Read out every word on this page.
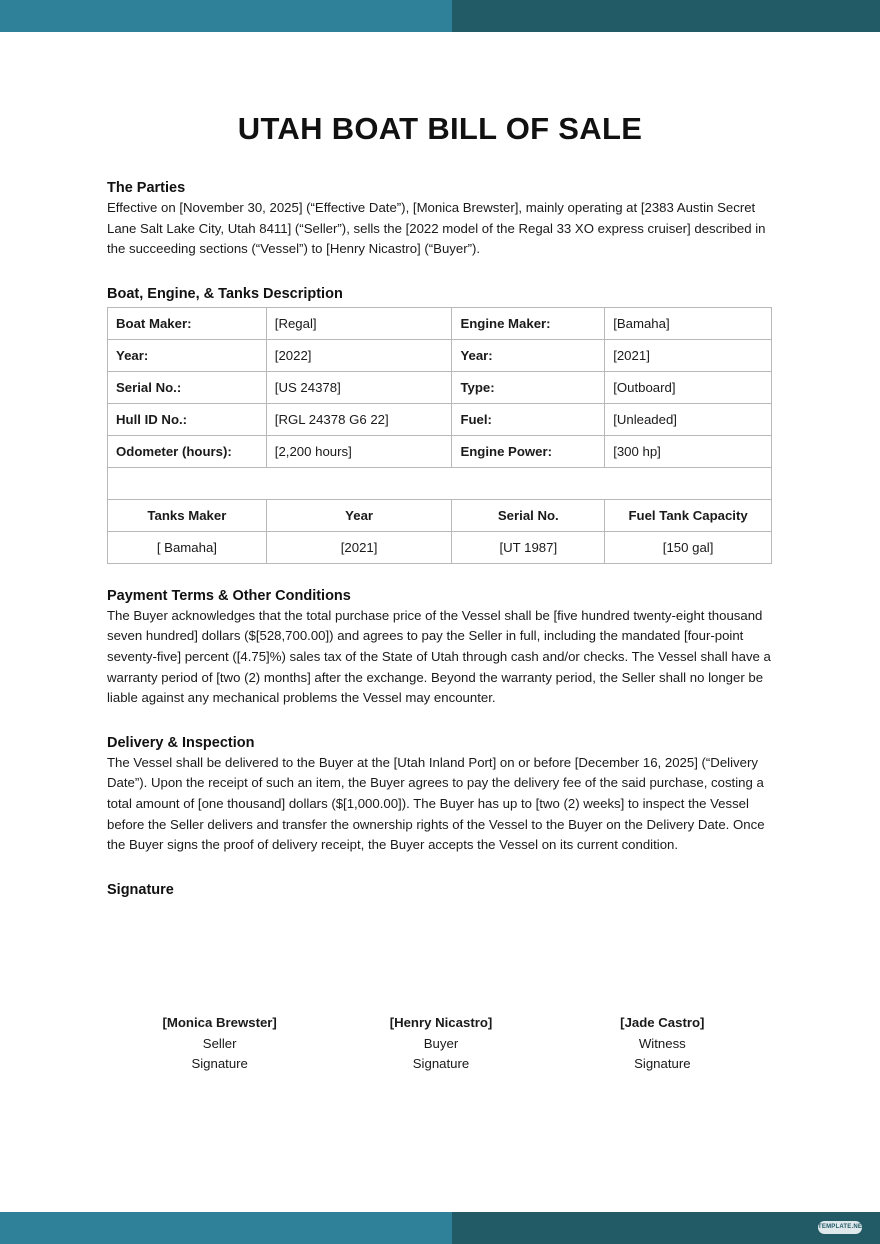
UTAH BOAT BILL OF SALE
The Parties

Effective on [November 30, 2025] (“Effective Date”), [Monica Brewster], mainly operating at [2383 Austin Secret Lane Salt Lake City, Utah 8411] (“Seller”), sells the [2022 model of the Regal 33 XO express cruiser] described in the succeeding sections (“Vessel”) to [Henry Nicastro] (“Buyer”).

Boat, Engine, & Tanks Description
Boat Maker:	[Regal]	Engine Maker:	[Bamaha]
Year:	[2022]	Year:	[2021]
Serial No.:	[US 24378]	Type:	[Outboard]
Hull ID No.:	[RGL 24378 G6 22]	Fuel:	[Unleaded]
Odometer (hours):	[2,200 hours]	Engine Power:	[300 hp]

Tanks Maker	Year	Serial No.	Fuel Tank Capacity
[ Bamaha]	[2021]	[UT 1987]	[150 gal]
Payment Terms & Other Conditions

The Buyer acknowledges that the total purchase price of the Vessel shall be [five hundred twenty-eight thousand seven hundred] dollars ($[528,700.00]) and agrees to pay the Seller in full, including the mandated [four-point seventy-five] percent ([4.75]%) sales tax of the State of Utah through cash and/or checks. The Vessel shall have a warranty period of [two (2) months] after the exchange. Beyond the warranty period, the Seller shall no longer be liable against any mechanical problems the Vessel may encounter.

Delivery & Inspection

The Vessel shall be delivered to the Buyer at the [Utah Inland Port] on or before [December 16, 2025] (“Delivery Date”). Upon the receipt of such an item, the Buyer agrees to pay the delivery fee of the said purchase, costing a total amount of [one thousand] dollars ($[1,000.00]). The Buyer has up to [two (2) weeks] to inspect the Vessel before the Seller delivers and transfer the ownership rights of the Vessel to the Buyer on the Delivery Date. Once the Buyer signs the proof of delivery receipt, the Buyer accepts the Vessel on its current condition.

Signature
[Monica Brewster]
Seller
Signature
[Henry Nicastro]
Buyer
Signature
[Jade Castro]
Witness
Signature
TEMPLATE.NET
